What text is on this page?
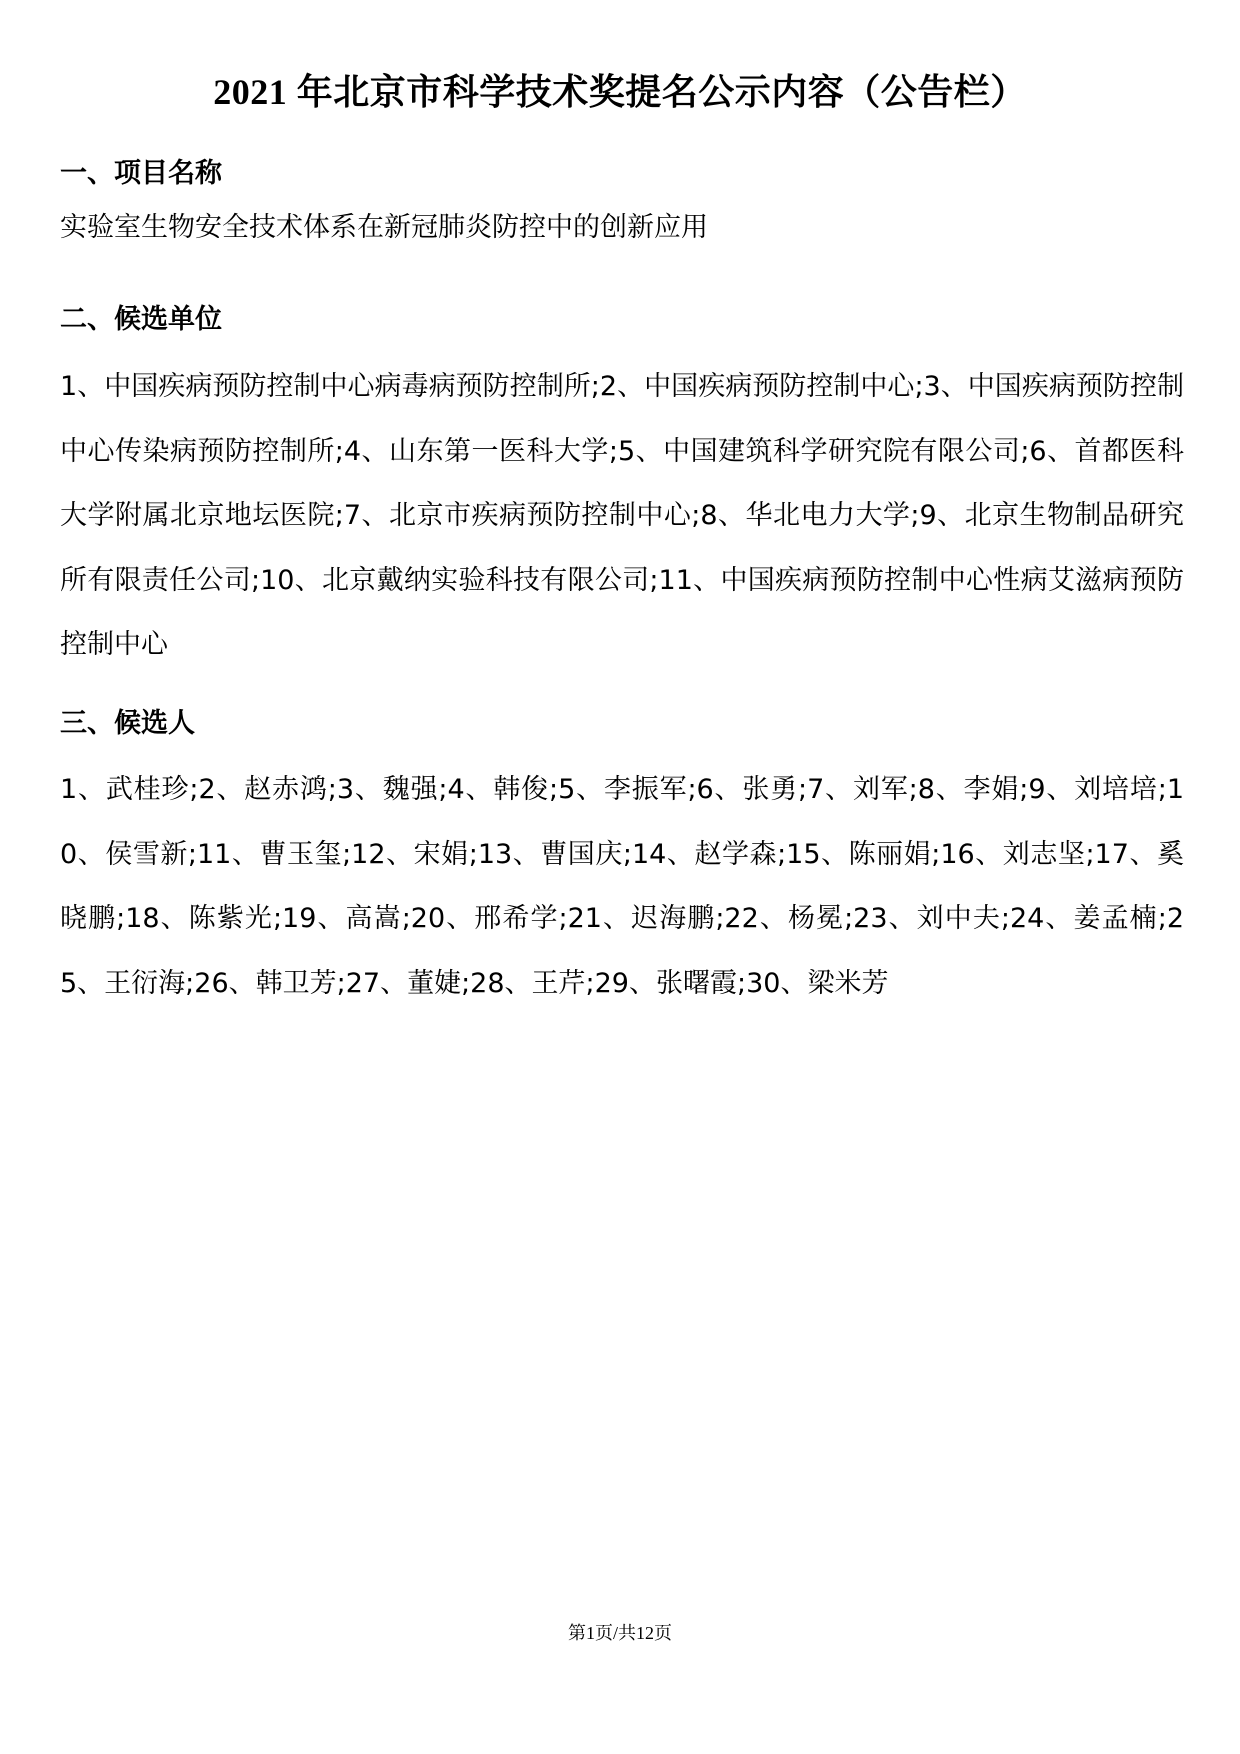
2021 年北京市科学技术奖提名公示内容（公告栏）
一、项目名称

实验室生物安全技术体系在新冠肺炎防控中的创新应用

二、候选单位

1、中国疾病预防控制中心病毒病预防控制所;2、中国疾病预防控制中心;3、中国疾病预防控制中心传染病预防控制所;4、山东第一医科大学;5、中国建筑科学研究院有限公司;6、首都医科大学附属北京地坛医院;7、北京市疾病预防控制中心;8、华北电力大学;9、北京生物制品研究所有限责任公司;10、北京戴纳实验科技有限公司;11、中国疾病预防控制中心性病艾滋病预防控制中心

三、候选人

1、武桂珍;2、赵赤鸿;3、魏强;4、韩俊;5、李振军;6、张勇;7、刘军;8、李娟;9、刘培培;10、侯雪新;11、曹玉玺;12、宋娟;13、曹国庆;14、赵学森;15、陈丽娟;16、刘志坚;17、奚晓鹏;18、陈紫光;19、高嵩;20、邢希学;21、迟海鹏;22、杨冕;23、刘中夫;24、姜孟楠;25、王衍海;26、韩卫芳;27、董婕;28、王芹;29、张曙霞;30、梁米芳

第1页/共12页
